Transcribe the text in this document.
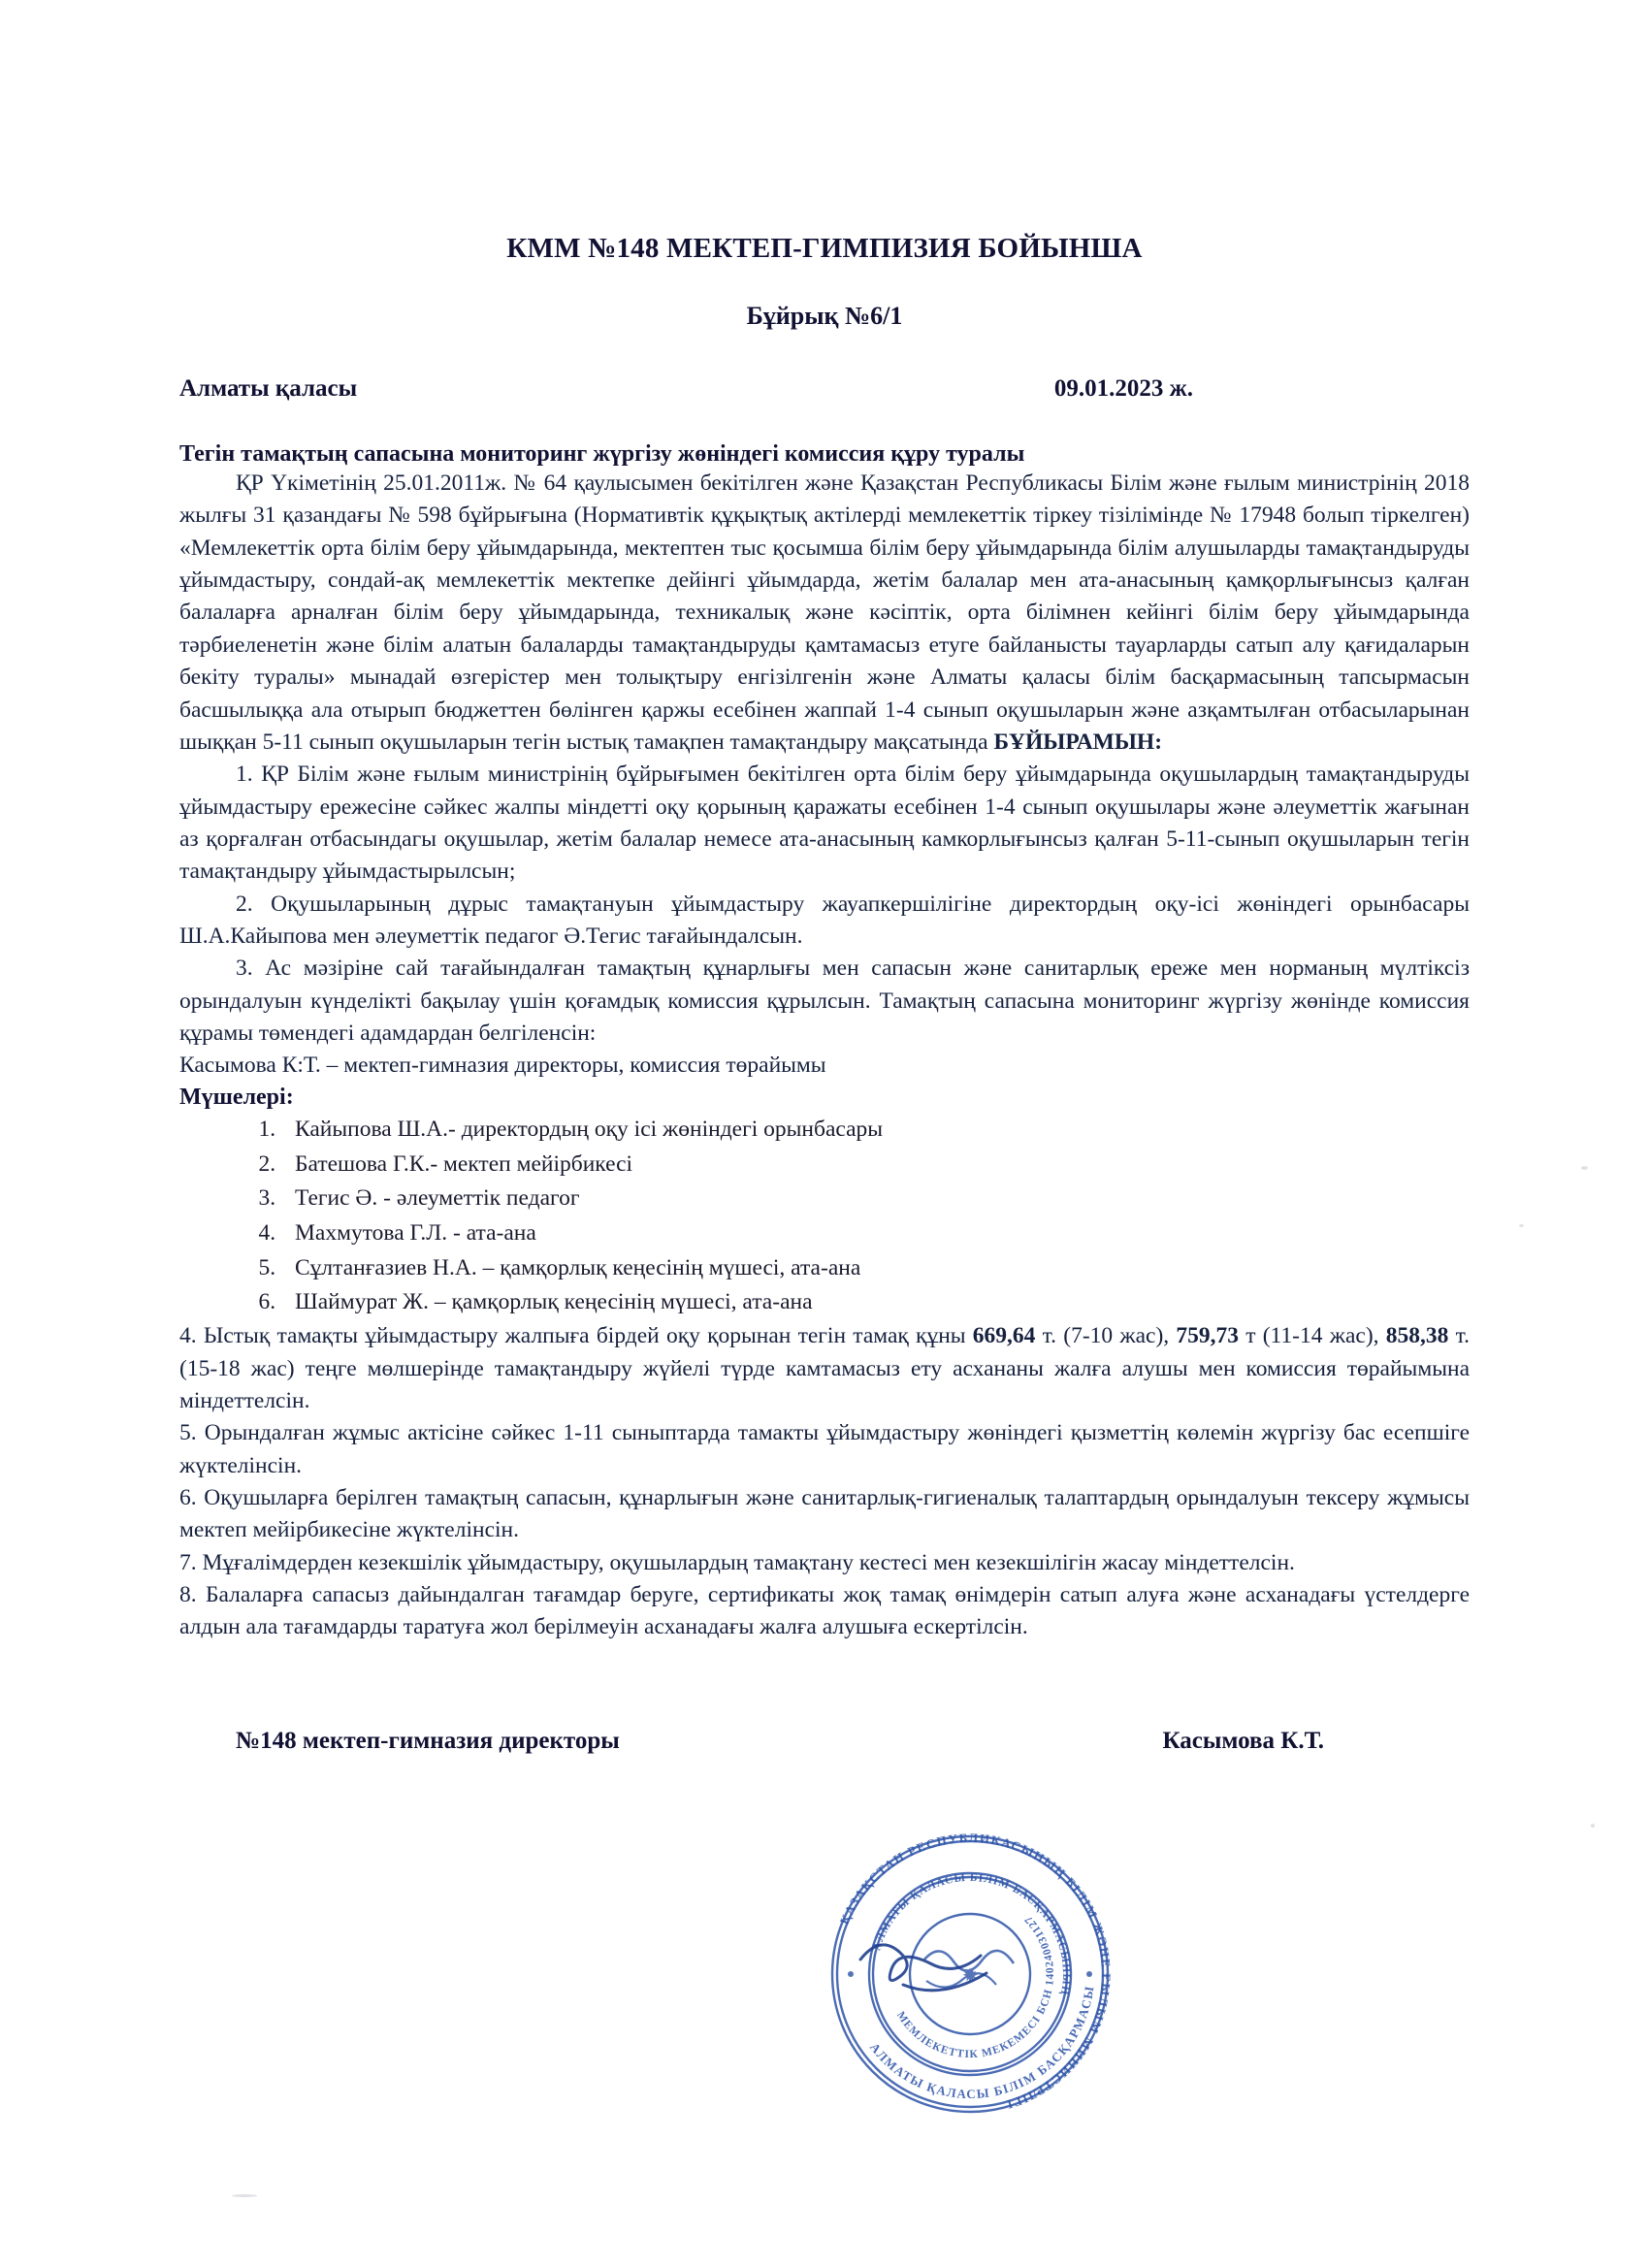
КММ №148 МЕКТЕП-ГИМПИЗИЯ БОЙЫНША
Бұйрық №6/1
Алматы қаласы	09.01.2023 ж.
Тегін тамақтың сапасына мониторинг жүргізу жөніндегі комиссия құру туралы

ҚР Үкіметінің 25.01.2011ж. № 64 қаулысымен бекітілген және Қазақстан Республикасы Білім және ғылым министрінің 2018 жылғы 31 қазандағы № 598 бұйрығына (Нормативтік құқықтық актілерді мемлекеттік тіркеу тізілімінде № 17948 болып тіркелген) «Мемлекеттік орта білім беру ұйымдарында, мектептен тыс қосымша білім беру ұйымдарында білім алушыларды тамақтандыруды ұйымдастыру, сондай-ақ мемлекеттік мектепке дейінгі ұйымдарда, жетім балалар мен ата-анасының қамқорлығынсыз қалған балаларға арналған білім беру ұйымдарында, техникалық және кәсіптік, орта білімнен кейінгі білім беру ұйымдарында тәрбиеленетін және білім алатын балаларды тамақтандыруды қамтамасыз етуге байланысты тауарларды сатып алу қағидаларын бекіту туралы» мынадай өзгерістер мен толықтыру енгізілгенін және Алматы қаласы білім басқармасының тапсырмасын басшылыққа ала отырып бюджеттен бөлінген қаржы есебінен жаппай 1-4 сынып оқушыларын және азқамтылған отбасыларынан шыққан 5-11 сынып оқушыларын тегін ыстық тамақпен тамақтандыру мақсатында БҰЙЫРАМЫН:

1. ҚР Білім және ғылым министрінің бұйрығымен бекітілген орта білім беру ұйымдарында оқушылардың тамақтандыруды ұйымдастыру ережесіне сәйкес жалпы міндетті оқу қорының қаражаты есебінен 1-4 сынып оқушылары және әлеуметтік жағынан аз қорғалған отбасындагы оқушылар, жетім балалар немесе ата-анасының камкорлығынсыз қалған 5-11-сынып оқушыларын тегін тамақтандыру ұйымдастырылсын;

2. Оқушыларының дұрыс тамақтануын ұйымдастыру жауапкершілігіне директордың оқу-ісі жөніндегі орынбасары Ш.А.Кайыпова мен әлеуметтік педагог Ә.Тегис тағайындалсын.

3. Ас мәзіріне сай тағайындалған тамақтың құнарлығы мен сапасын және санитарлық ереже мен норманың мүлтіксіз орындалуын күнделікті бақылау үшін қоғамдық комиссия құрылсын. Тамақтың сапасына мониторинг жүргізу жөнінде комиссия құрамы төмендегі адамдардан белгіленсін:

Касымова К:Т. – мектеп-гимназия директоры, комиссия төрайымы

Мүшелері:
1. Кайыпова Ш.А.- директордың оқу ісі жөніндегі орынбасары
2. Батешова Г.К.- мектеп мейірбикесі
3. Тегис Ә. - әлеуметтік педагог
4. Махмутова Г.Л. - ата-ана
5. Сұлтанғазиев Н.А. – қамқорлық кеңесінің мүшесі, ата-ана
6. Шаймурат Ж. – қамқорлық кеңесінің мүшесі, ата-ана

4. Ыстық тамақты ұйымдастыру жалпыға бірдей оқу қорынан тегін тамақ құны 669,64 т. (7-10 жас), 759,73 т (11-14 жас), 858,38 т. (15-18 жас) теңге мөлшерінде тамақтандыру жүйелі түрде камтамасыз ету асхананы жалға алушы мен комиссия төрайымына міндеттелсін.

5. Орындалған жұмыс актісіне сәйкес 1-11 сыныптарда тамакты ұйымдастыру жөніндегі қызметтің көлемін жүргізу бас есепшіге жүктелінсін.

6. Оқушыларға берілген тамақтың сапасын, құнарлығын және санитарлық-гигиеналық талаптардың орындалуын тексеру жұмысы мектеп мейірбикесіне жүктелінсін.

7. Мұғалімдерден кезекшілік ұйымдастыру, оқушылардың тамақтану кестесі мен кезекшілігін жасау міндеттелсін.

8. Балаларға сапасыз дайындалган тағамдар беруге, сертификаты жоқ тамақ өнімдерін сатып алуға және асханадағы үстелдерге алдын ала тағамдарды таратуға жол берілмеуін асханадағы жалға алушыға ескертілсін.

№148 мектеп-гимназия директоры	Касымова К.Т.
ҚАЗАҚСТАН РЕСПУБЛИКАСЫНЫҢ БІЛІМ ЖӘНЕ ҒЫЛЫМ МИНИСТРЛІГІ
АЛМАТЫ ҚАЛАСЫ БІЛІМ БАСҚАРМАСЫ
АЛМАТЫ ҚАЛАСЫ БІЛІМ БАСҚАРМАСЫНЫҢ
МЕМЛЕКЕТТІК МЕКЕМЕСІ БСН 140240031127
✹
